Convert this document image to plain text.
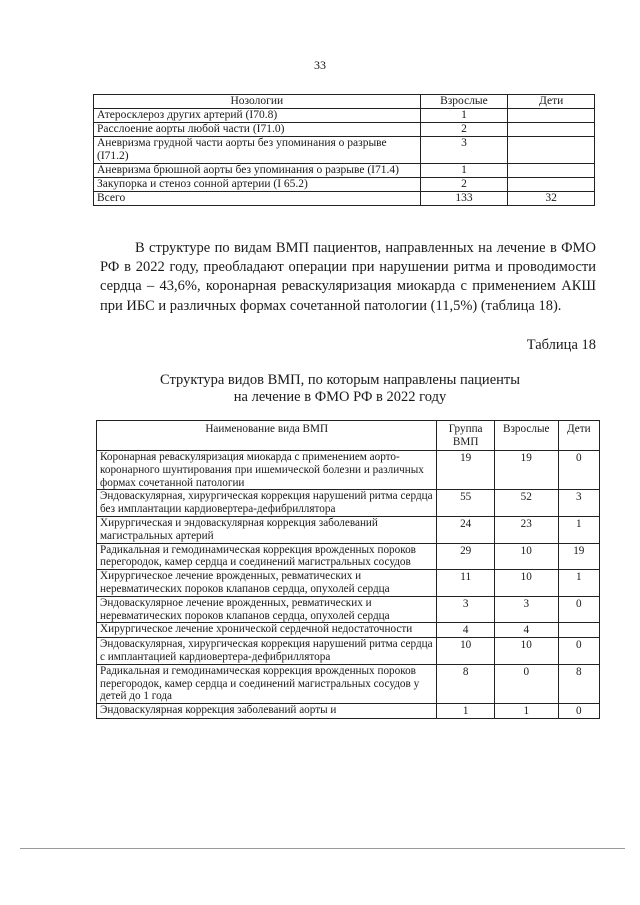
33
Нозологии	Взрослые	Дети
Атеросклероз других артерий (I70.8)	1	
Расслоение аорты любой части (I71.0)	2	
Аневризма грудной части аорты без упоминания о разрыве (I71.2)	3	
Аневризма брюшной аорты без упоминания о разрыве (I71.4)	1	
Закупорка и стеноз сонной артерии (I 65.2)	2	
Всего	133	32

В структуре по видам ВМП пациентов, направленных на лечение в ФМО РФ в 2022 году, преобладают операции при нарушении ритма и проводимости сердца – 43,6%, коронарная реваскуляризация миокарда с применением АКШ при ИБС и различных формах сочетанной патологии (11,5%) (таблица 18).

Таблица 18
Структура видов ВМП, по которым направлены пациенты
на лечение в ФМО РФ в 2022 году
Наименование вида ВМП	Группа ВМП	Взрослые	Дети
Коронарная реваскуляризация миокарда с применением аорто-коронарного шунтирования при ишемической болезни и различных формах сочетанной патологии	19	19	0
Эндоваскулярная, хирургическая коррекция нарушений ритма сердца без имплантации кардиовертера-дефибриллятора	55	52	3
Хирургическая и эндоваскулярная коррекция заболеваний магистральных артерий	24	23	1
Радикальная и гемодинамическая коррекция врожденных пороков перегородок, камер сердца и соединений магистральных сосудов	29	10	19
Хирургическое лечение врожденных, ревматических и неревматических пороков клапанов сердца, опухолей сердца	11	10	1
Эндоваскулярное лечение врожденных, ревматических и неревматических пороков клапанов сердца, опухолей сердца	3	3	0
Хирургическое лечение хронической сердечной недостаточности	4	4	
Эндоваскулярная, хирургическая коррекция нарушений ритма сердца с имплантацией кардиовертера-дефибриллятора	10	10	0
Радикальная и гемодинамическая коррекция врожденных пороков перегородок, камер сердца и соединений магистральных сосудов у детей до 1 года	8	0	8
Эндоваскулярная коррекция заболеваний аорты и	1	1	0
